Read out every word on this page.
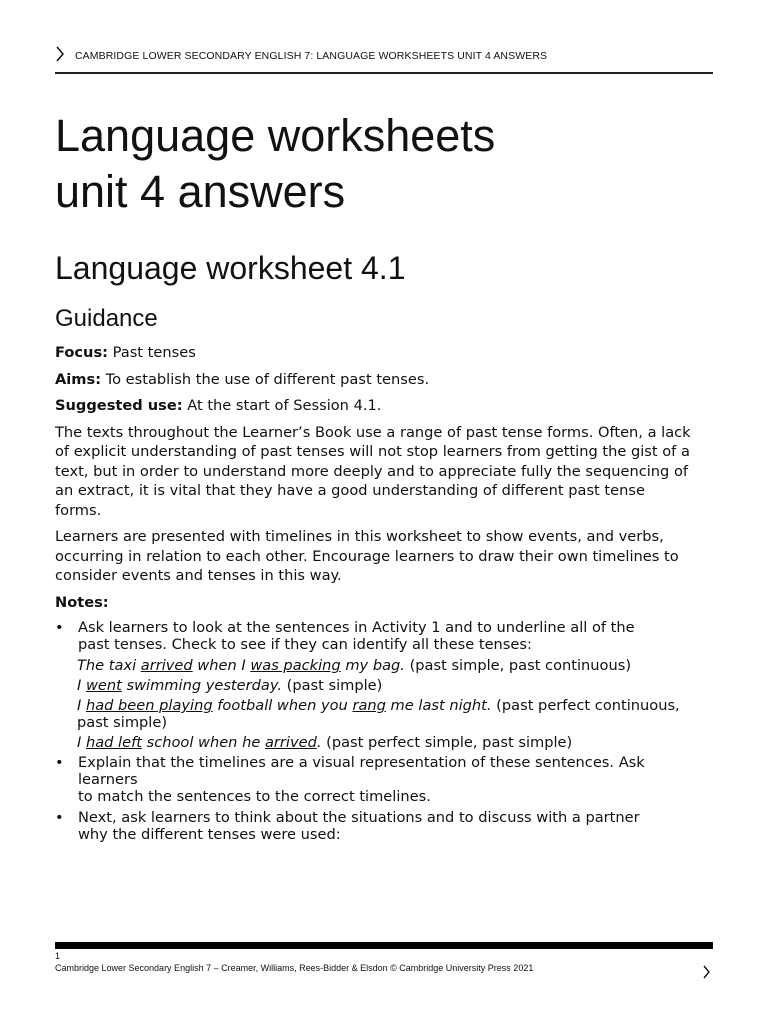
CAMBRIDGE LOWER SECONDARY ENGLISH 7: LANGUAGE WORKSHEETS UNIT 4 ANSWERS
Language worksheets
unit 4 answers
Language worksheet 4.1
Guidance

Focus: Past tenses

Aims: To establish the use of different past tenses.

Suggested use: At the start of Session 4.1.

The texts throughout the Learner’s Book use a range of past tense forms. Often, a lack of explicit understanding of past tenses will not stop learners from getting the gist of a text, but in order to understand more deeply and to appreciate fully the sequencing of an extract, it is vital that they have a good understanding of different past tense forms.

Learners are presented with timelines in this worksheet to show events, and verbs, occurring in relation to each other. Encourage learners to draw their own timelines to consider events and tenses in this way.

Notes:

• Ask learners to look at the sentences in Activity 1 and to underline all of the
past tenses. Check to see if they can identify all these tenses:
The taxi arrived when I was packing my bag. (past simple, past continuous)
I went swimming yesterday. (past simple)
I had been playing football when you rang me last night. (past perfect continuous,
past simple)
I had left school when he arrived. (past perfect simple, past simple)
• Explain that the timelines are a visual representation of these sentences. Ask learners
to match the sentences to the correct timelines.
• Next, ask learners to think about the situations and to discuss with a partner
why the different tenses were used:
1
Cambridge Lower Secondary English 7 – Creamer, Williams, Rees-Bidder & Elsdon © Cambridge University Press 2021
